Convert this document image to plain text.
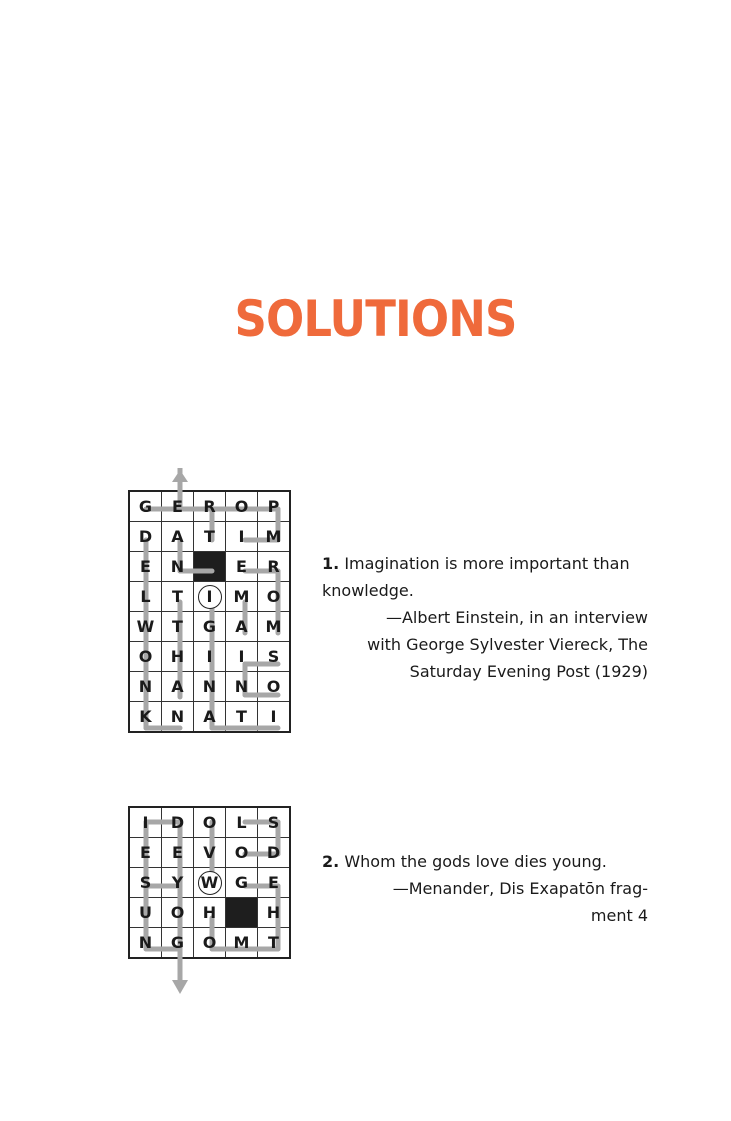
SOLUTIONS
G	E	R	O	P
D	A	T	I	M
E	N		E	R
L	T	I	M	O
W	T	G	A	M
O	H	I	I	S
N	A	N	N	O
K	N	A	T	I
1. Imagination is more important than knowledge.
—Albert Einstein, in an interview
with George Sylvester Viereck, The
Saturday Evening Post (1929)
I	D	O	L	S
E	E	V	O	D
S	Y	W	G	E
U	O	H		H
N	G	O	M	T
2. Whom the gods love dies young.
—Menander, Dis Exapatōn frag-
ment 4
